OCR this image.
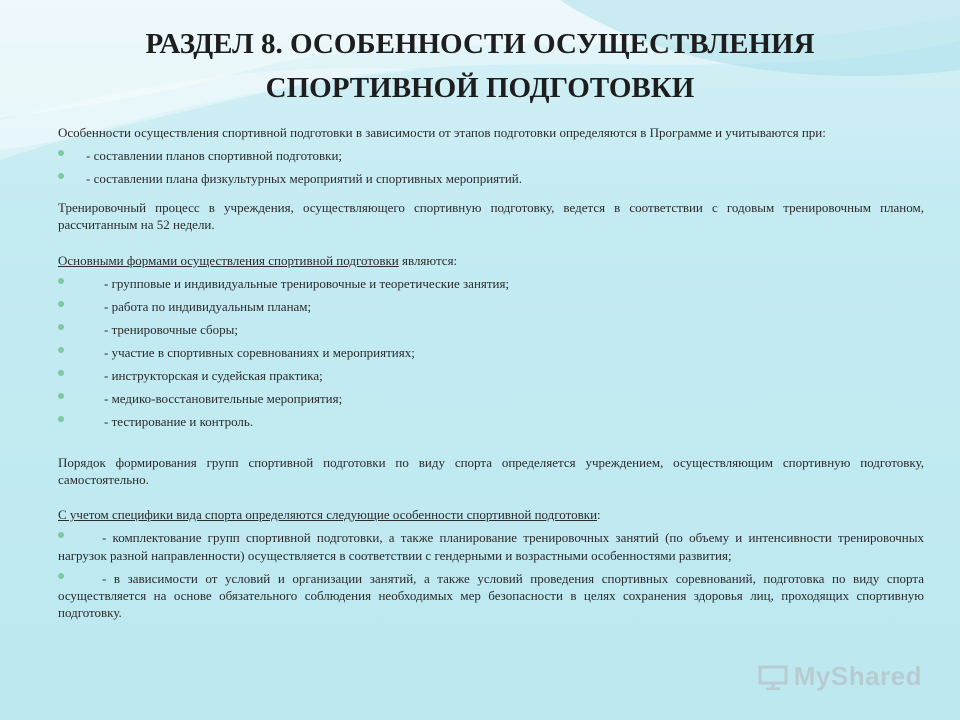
РАЗДЕЛ 8. ОСОБЕННОСТИ ОСУЩЕСТВЛЕНИЯ
СПОРТИВНОЙ ПОДГОТОВКИ

Особенности осуществления спортивной подготовки в зависимости от этапов подготовки определяются в Программе и учитываются при:

- составлении планов спортивной подготовки;
- составлении плана физкультурных мероприятий и спортивных мероприятий.

Тренировочный процесс в учреждения, осуществляющего спортивную подготовку, ведется в соответствии с годовым тренировочным планом, рассчитанным на 52 недели.

Основными формами осуществления спортивной подготовки являются:

- групповые и индивидуальные тренировочные и теоретические занятия;
- работа по индивидуальным планам;
- тренировочные сборы;
- участие в спортивных соревнованиях и мероприятиях;
- инструкторская и судейская практика;
- медико-восстановительные мероприятия;
- тестирование и контроль.

Порядок формирования групп спортивной подготовки по виду спорта определяется учреждением, осуществляющим спортивную подготовку, самостоятельно.

С учетом специфики вида спорта определяются следующие особенности спортивной подготовки:

- комплектование групп спортивной подготовки, а также планирование тренировочных занятий (по объему и интенсивности тренировочных нагрузок разной направленности) осуществляется в соответствии с гендерными и возрастными особенностями развития;

- в зависимости от условий и организации занятий, а также условий проведения спортивных соревнований, подготовка по виду спорта осуществляется на основе обязательного соблюдения необходимых мер безопасности в целях сохранения здоровья лиц, проходящих спортивную подготовку.

MyShared
